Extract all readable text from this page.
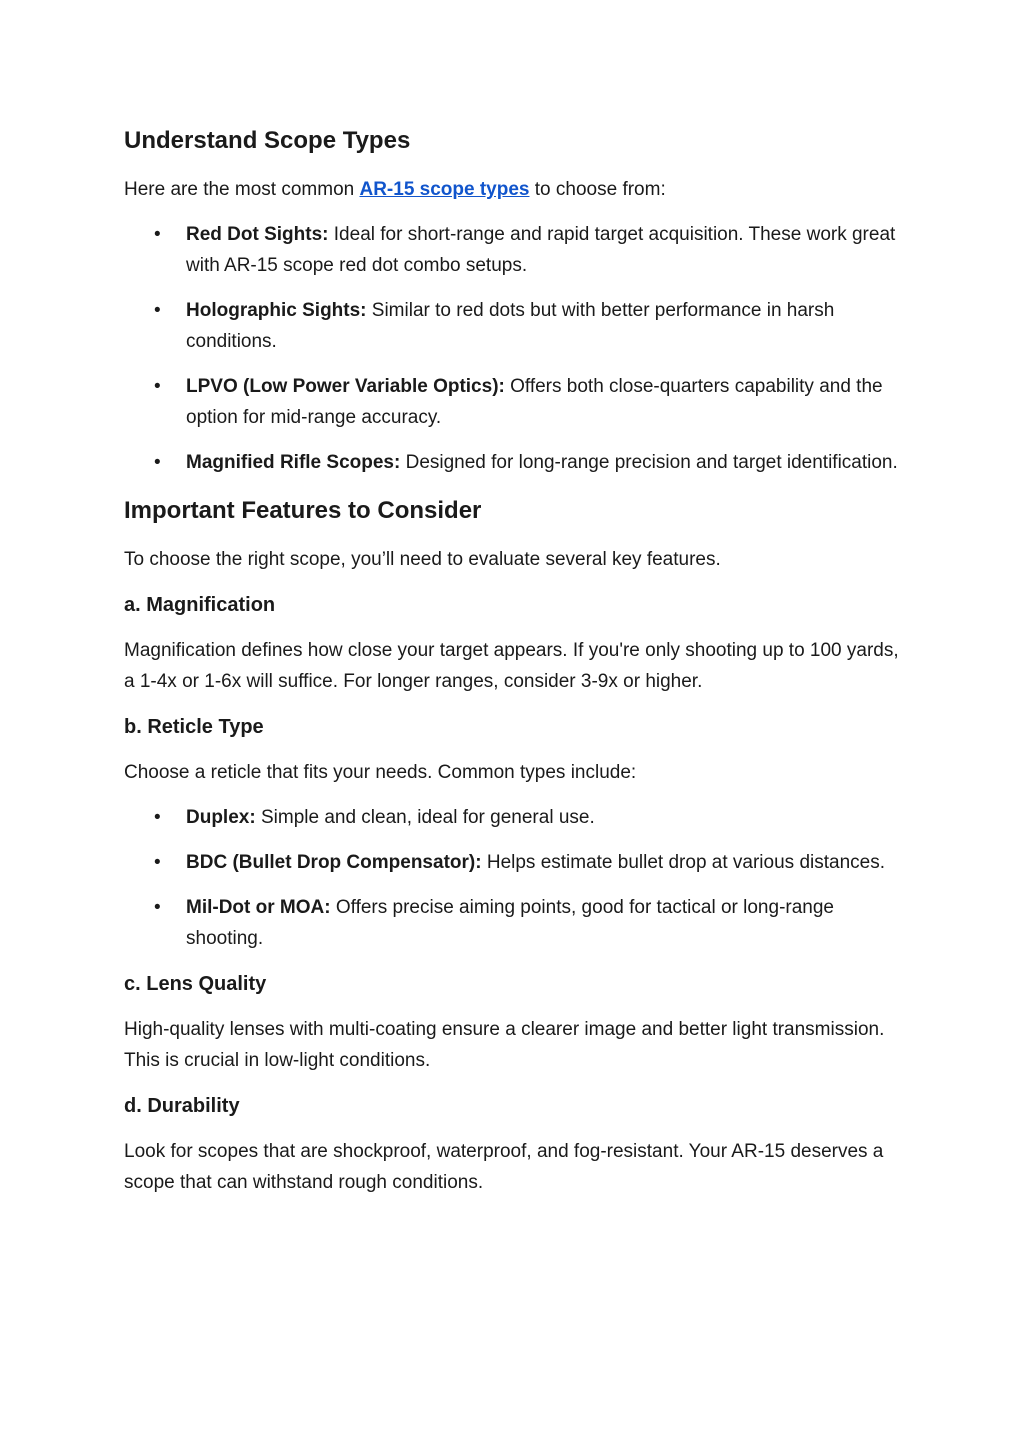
Understand Scope Types

Here are the most common AR-15 scope types to choose from:

• Red Dot Sights: Ideal for short-range and rapid target acquisition. These work great with AR-15 scope red dot combo setups.
• Holographic Sights: Similar to red dots but with better performance in harsh conditions.
• LPVO (Low Power Variable Optics): Offers both close-quarters capability and the option for mid-range accuracy.
• Magnified Rifle Scopes: Designed for long-range precision and target identification.
Important Features to Consider

To choose the right scope, you’ll need to evaluate several key features.

a. Magnification

Magnification defines how close your target appears. If you're only shooting up to 100 yards, a 1-4x or 1-6x will suffice. For longer ranges, consider 3-9x or higher.

b. Reticle Type

Choose a reticle that fits your needs. Common types include:

• Duplex: Simple and clean, ideal for general use.
• BDC (Bullet Drop Compensator): Helps estimate bullet drop at various distances.
• Mil-Dot or MOA: Offers precise aiming points, good for tactical or long-range shooting.
c. Lens Quality

High-quality lenses with multi-coating ensure a clearer image and better light transmission. This is crucial in low-light conditions.

d. Durability

Look for scopes that are shockproof, waterproof, and fog-resistant. Your AR-15 deserves a scope that can withstand rough conditions.
